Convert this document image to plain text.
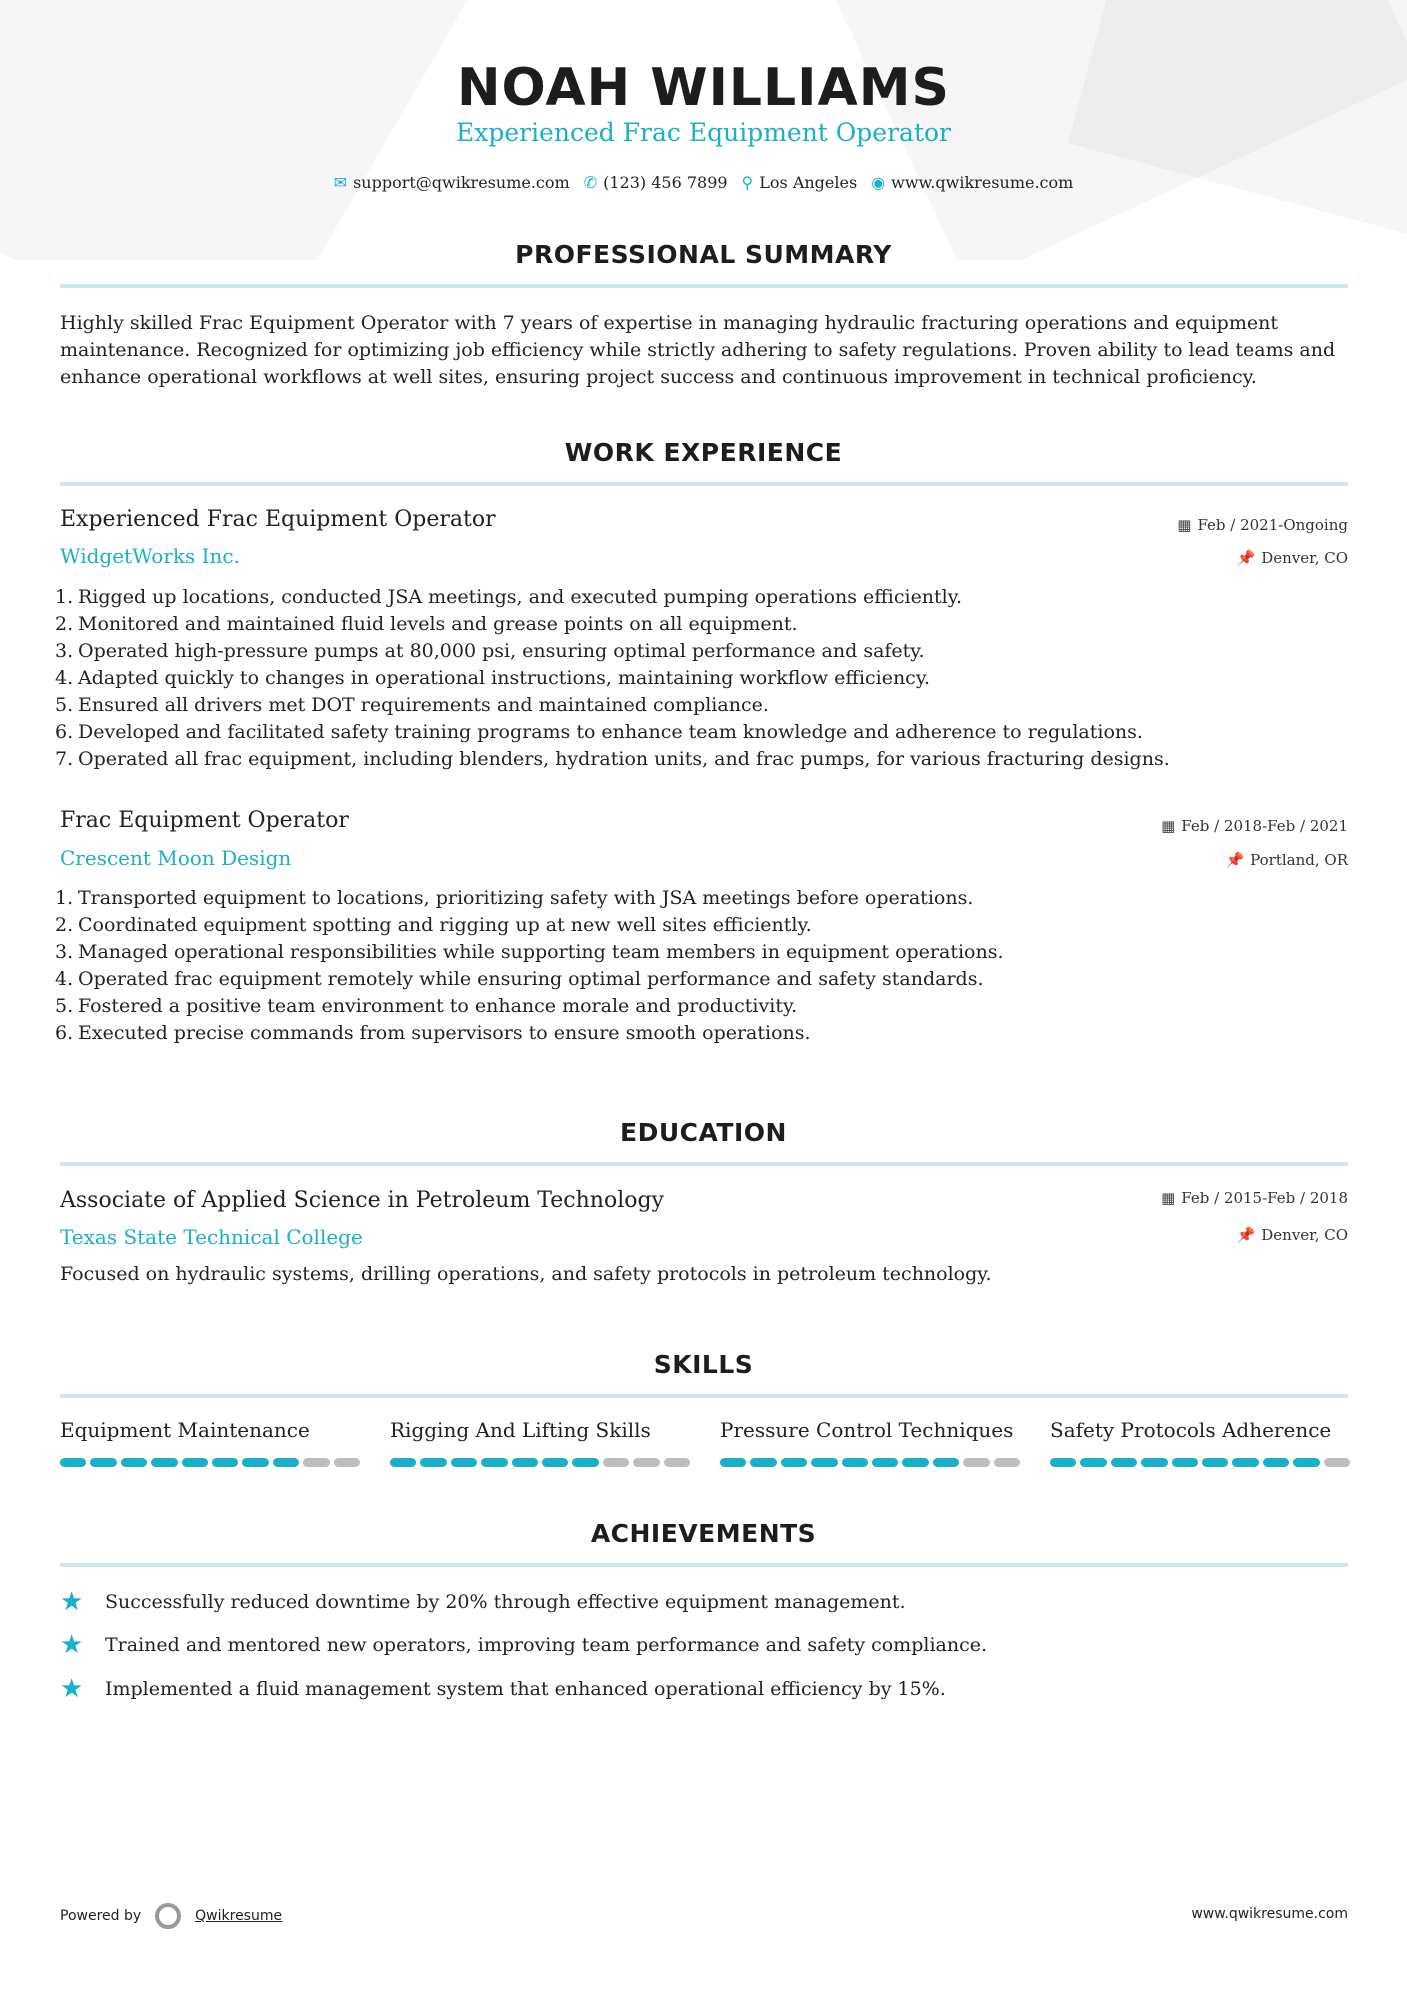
NOAH WILLIAMS
Experienced Frac Equipment Operator
✉ support@qwikresume.com ✆ (123) 456 7899 ⚲ Los Angeles ◉ www.qwikresume.com
PROFESSIONAL SUMMARY
Highly skilled Frac Equipment Operator with 7 years of expertise in managing hydraulic fracturing operations and equipment maintenance. Recognized for optimizing job efficiency while strictly adhering to safety regulations. Proven ability to lead teams and enhance operational workflows at well sites, ensuring project success and continuous improvement in technical proficiency.
WORK EXPERIENCE
Experienced Frac Equipment Operator
WidgetWorks Inc.
▦ Feb / 2021-Ongoing
📌 Denver, CO
1. Rigged up locations, conducted JSA meetings, and executed pumping operations efficiently.
2. Monitored and maintained fluid levels and grease points on all equipment.
3. Operated high-pressure pumps at 80,000 psi, ensuring optimal performance and safety.
4. Adapted quickly to changes in operational instructions, maintaining workflow efficiency.
5. Ensured all drivers met DOT requirements and maintained compliance.
6. Developed and facilitated safety training programs to enhance team knowledge and adherence to regulations.
7. Operated all frac equipment, including blenders, hydration units, and frac pumps, for various fracturing designs.
Frac Equipment Operator
Crescent Moon Design
▦ Feb / 2018-Feb / 2021
📌 Portland, OR
1. Transported equipment to locations, prioritizing safety with JSA meetings before operations.
2. Coordinated equipment spotting and rigging up at new well sites efficiently.
3. Managed operational responsibilities while supporting team members in equipment operations.
4. Operated frac equipment remotely while ensuring optimal performance and safety standards.
5. Fostered a positive team environment to enhance morale and productivity.
6. Executed precise commands from supervisors to ensure smooth operations.
EDUCATION
Associate of Applied Science in Petroleum Technology
Texas State Technical College
▦ Feb / 2015-Feb / 2018
📌 Denver, CO
Focused on hydraulic systems, drilling operations, and safety protocols in petroleum technology.
SKILLS
Equipment Maintenance	Rigging And Lifting Skills	Pressure Control Techniques	Safety Protocols Adherence
ACHIEVEMENTS
★	Successfully reduced downtime by 20% through effective equipment management.
★	Trained and mentored new operators, improving team performance and safety compliance.
★	Implemented a fluid management system that enhanced operational efficiency by 15%.
Powered by	Qwikresume	www.qwikresume.com
